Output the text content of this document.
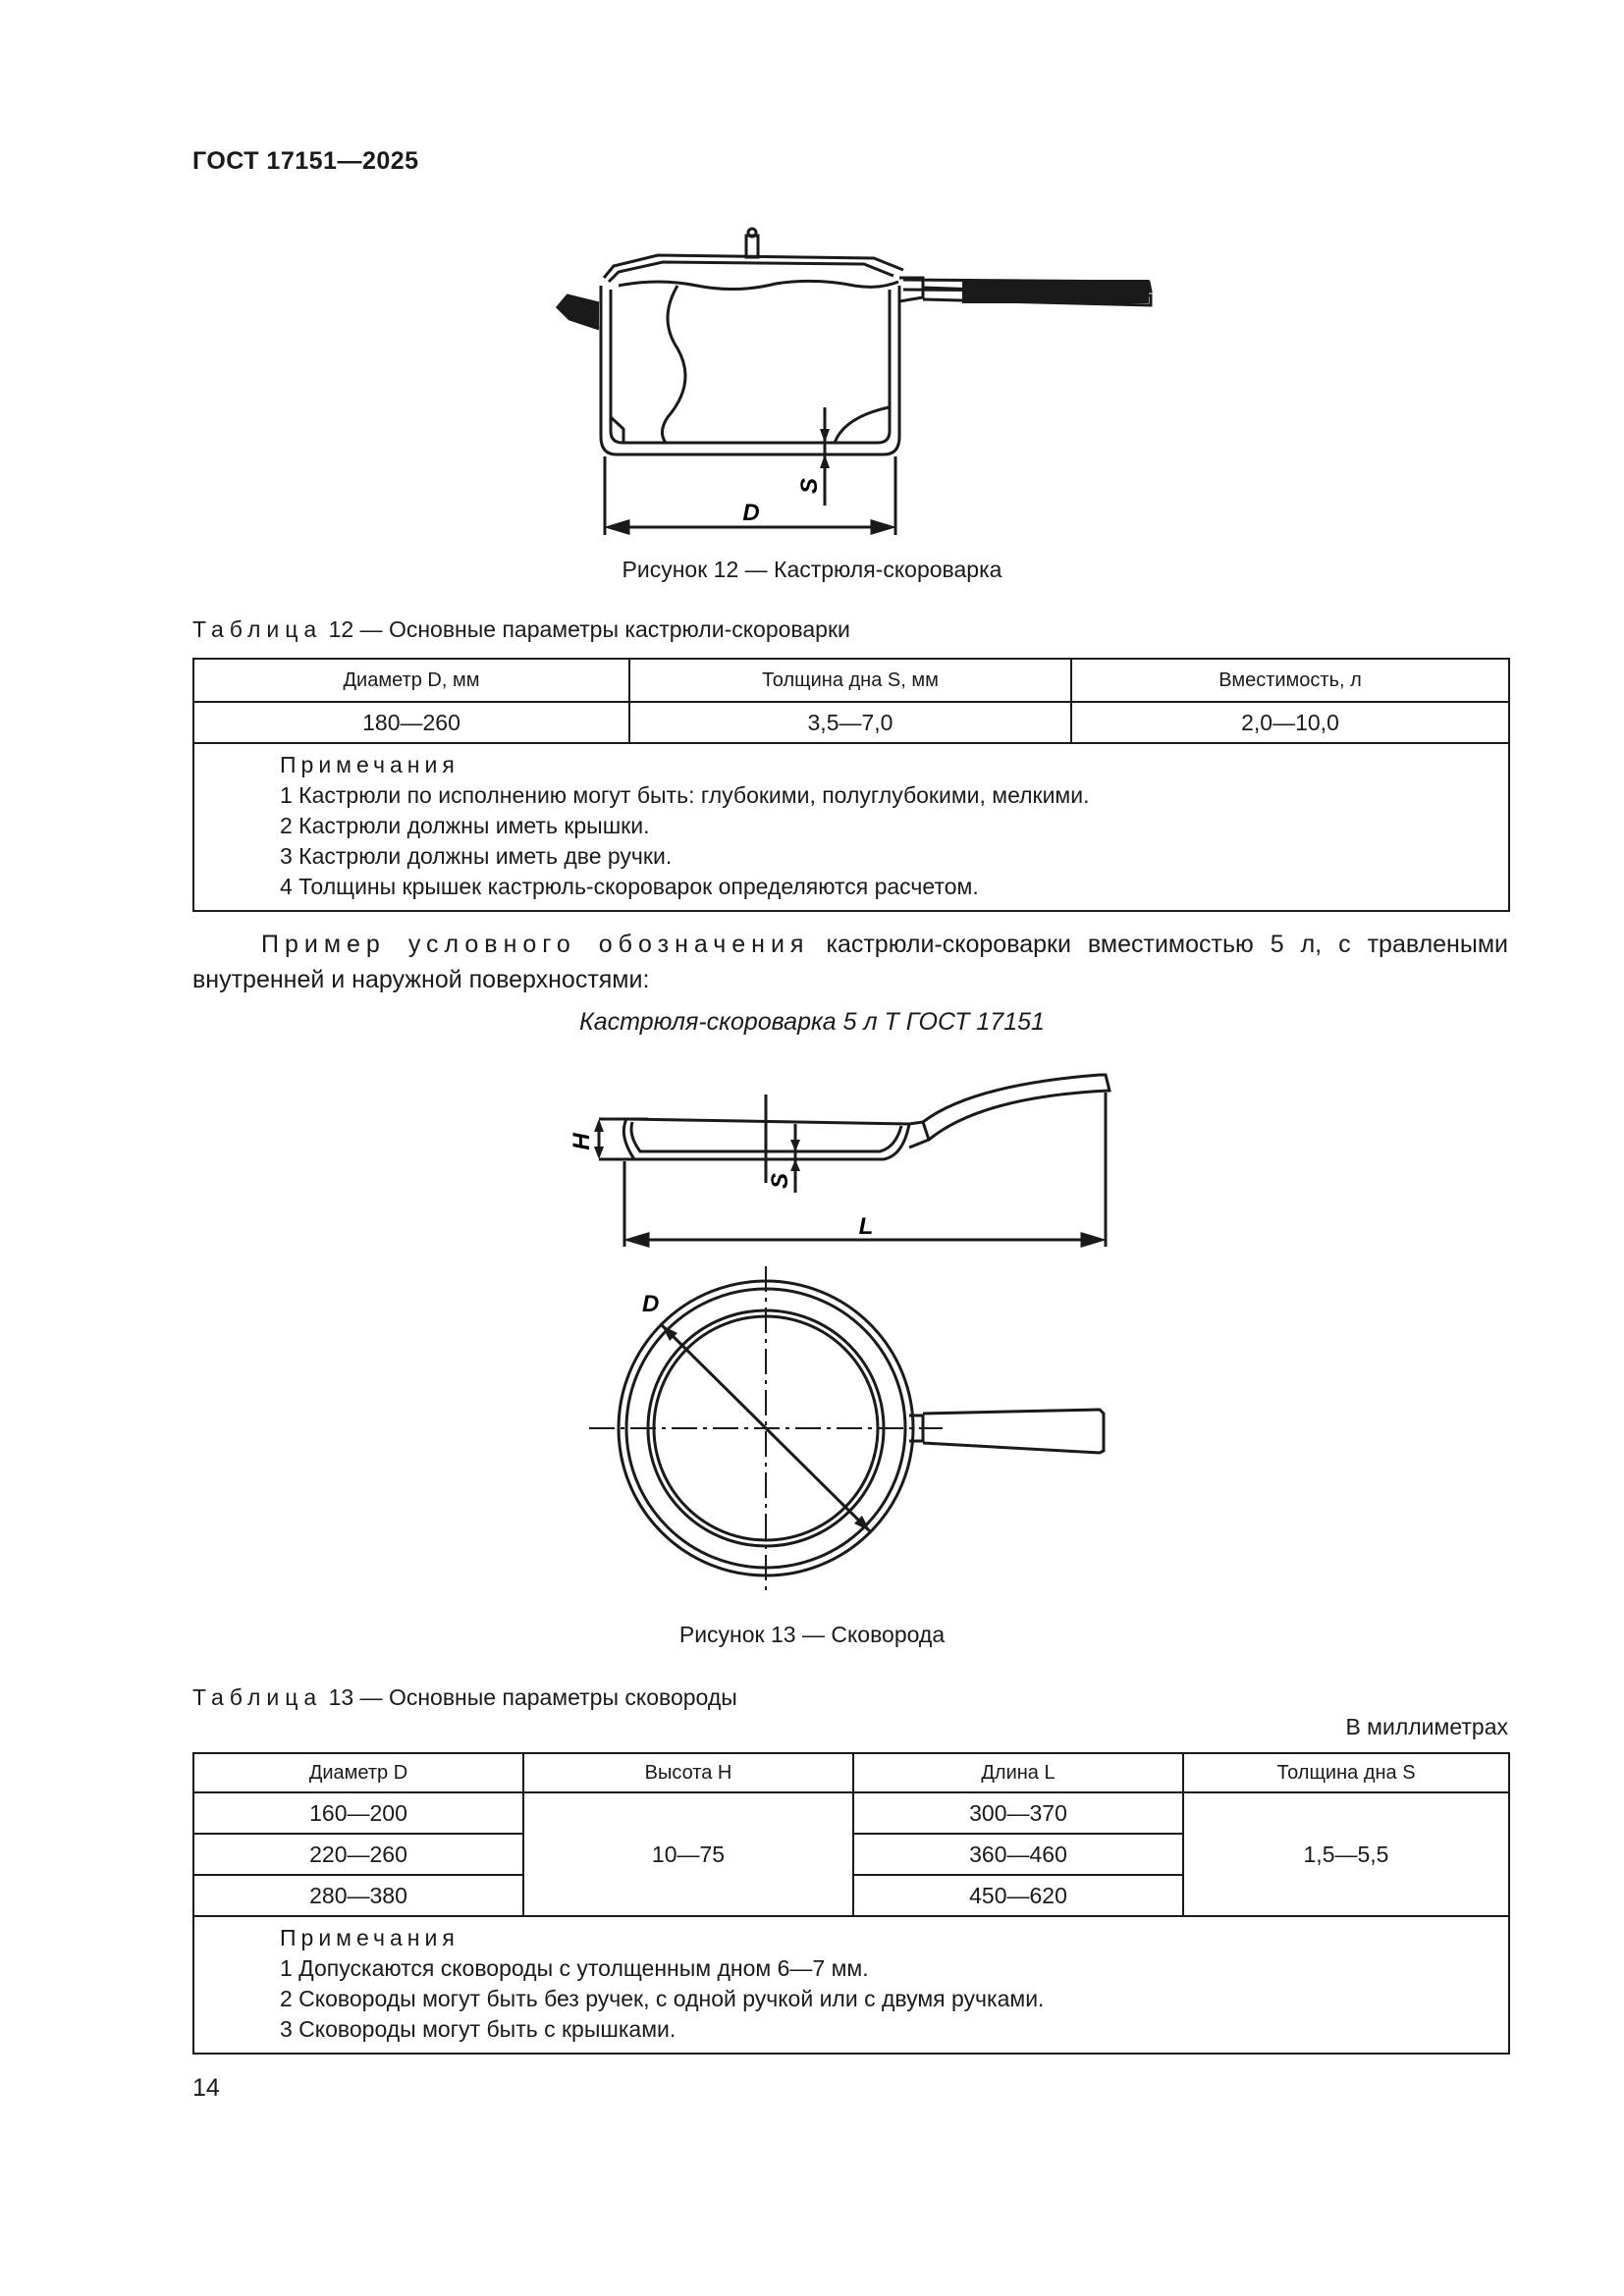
ГОСТ 17151—2025
D
S
Рисунок 12 — Кастрюля-скороварка
Таблица 12 — Основные параметры кастрюли-скороварки
Диаметр D, мм	Толщина дна S, мм	Вместимость, л
180—260	3,5—7,0	2,0—10,0

Примечания
1 Кастрюли по исполнению могут быть: глубокими, полуглубокими, мелкими.
2 Кастрюли должны иметь крышки.
3 Кастрюли должны иметь две ручки.
4 Толщины крышек кастрюль-скороварок определяются расчетом.		
Пример условного обозначения кастрюли-скороварки вместимостью 5 л, с травлеными внутренней и наружной поверхностями:
Кастрюля-скороварка 5 л Т ГОСТ 17151
H
S
L
D
Рисунок 13 — Сковорода
Таблица 13 — Основные параметры сковороды
В миллиметрах
Диаметр D	Высота H	Длина L	Толщина дна S
160—200	10—75	300—370	1,5—5,5
220—260		360—460	
280—380		450—620	

Примечания
1 Допускаются сковороды с утолщенным дном 6—7 мм.
2 Сковороды могут быть без ручек, с одной ручкой или с двумя ручками.
3 Сковороды могут быть с крышками.			
14
